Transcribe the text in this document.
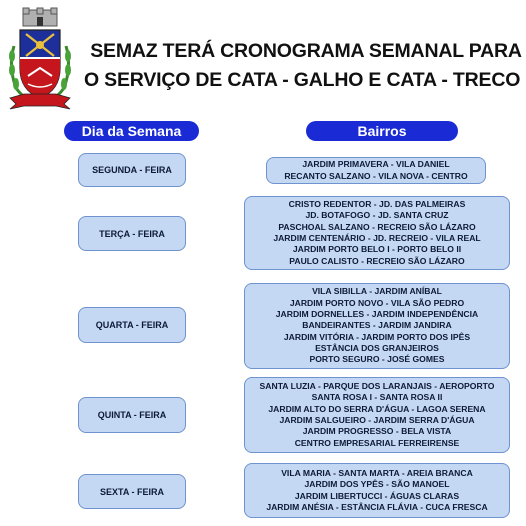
SEMAZ TERÁ CRONOGRAMA SEMANAL PARA
O SERVIÇO DE CATA - GALHO E CATA - TRECO
Dia da Semana	Bairros
SEGUNDA - FEIRA
JARDIM PRIMAVERA - VILA DANIEL
RECANTO SALZANO - VILA NOVA - CENTRO
TERÇA - FEIRA
CRISTO REDENTOR - JD. DAS PALMEIRAS
JD. BOTAFOGO - JD. SANTA CRUZ
PASCHOAL SALZANO - RECREIO SÃO LÁZARO
JARDIM CENTENÁRIO - JD. RECREIO - VILA REAL
JARDIM PORTO BELO I - PORTO BELO II
PAULO CALISTO - RECREIO SÃO LÁZARO
QUARTA - FEIRA
VILA SIBILLA - JARDIM ANÍBAL
JARDIM PORTO NOVO - VILA SÃO PEDRO
JARDIM DORNELLES - JARDIM INDEPENDÊNCIA
BANDEIRANTES - JARDIM JANDIRA
JARDIM VITÓRIA - JARDIM PORTO DOS IPÊS
ESTÂNCIA DOS GRANJEIROS
PORTO SEGURO - JOSÉ GOMES
QUINTA - FEIRA
SANTA LUZIA - PARQUE DOS LARANJAIS - AEROPORTO
SANTA ROSA I - SANTA ROSA II
JARDIM ALTO DO SERRA D'ÁGUA - LAGOA SERENA
JARDIM SALGUEIRO - JARDIM SERRA D'ÁGUA
JARDIM PROGRESSO - BELA VISTA
CENTRO EMPRESARIAL FERREIRENSE
SEXTA - FEIRA
VILA MARIA - SANTA MARTA - AREIA BRANCA
JARDIM DOS YPÊS - SÃO MANOEL
JARDIM LIBERTUCCI - ÁGUAS CLARAS
JARDIM ANÉSIA - ESTÂNCIA FLÁVIA - CUCA FRESCA
